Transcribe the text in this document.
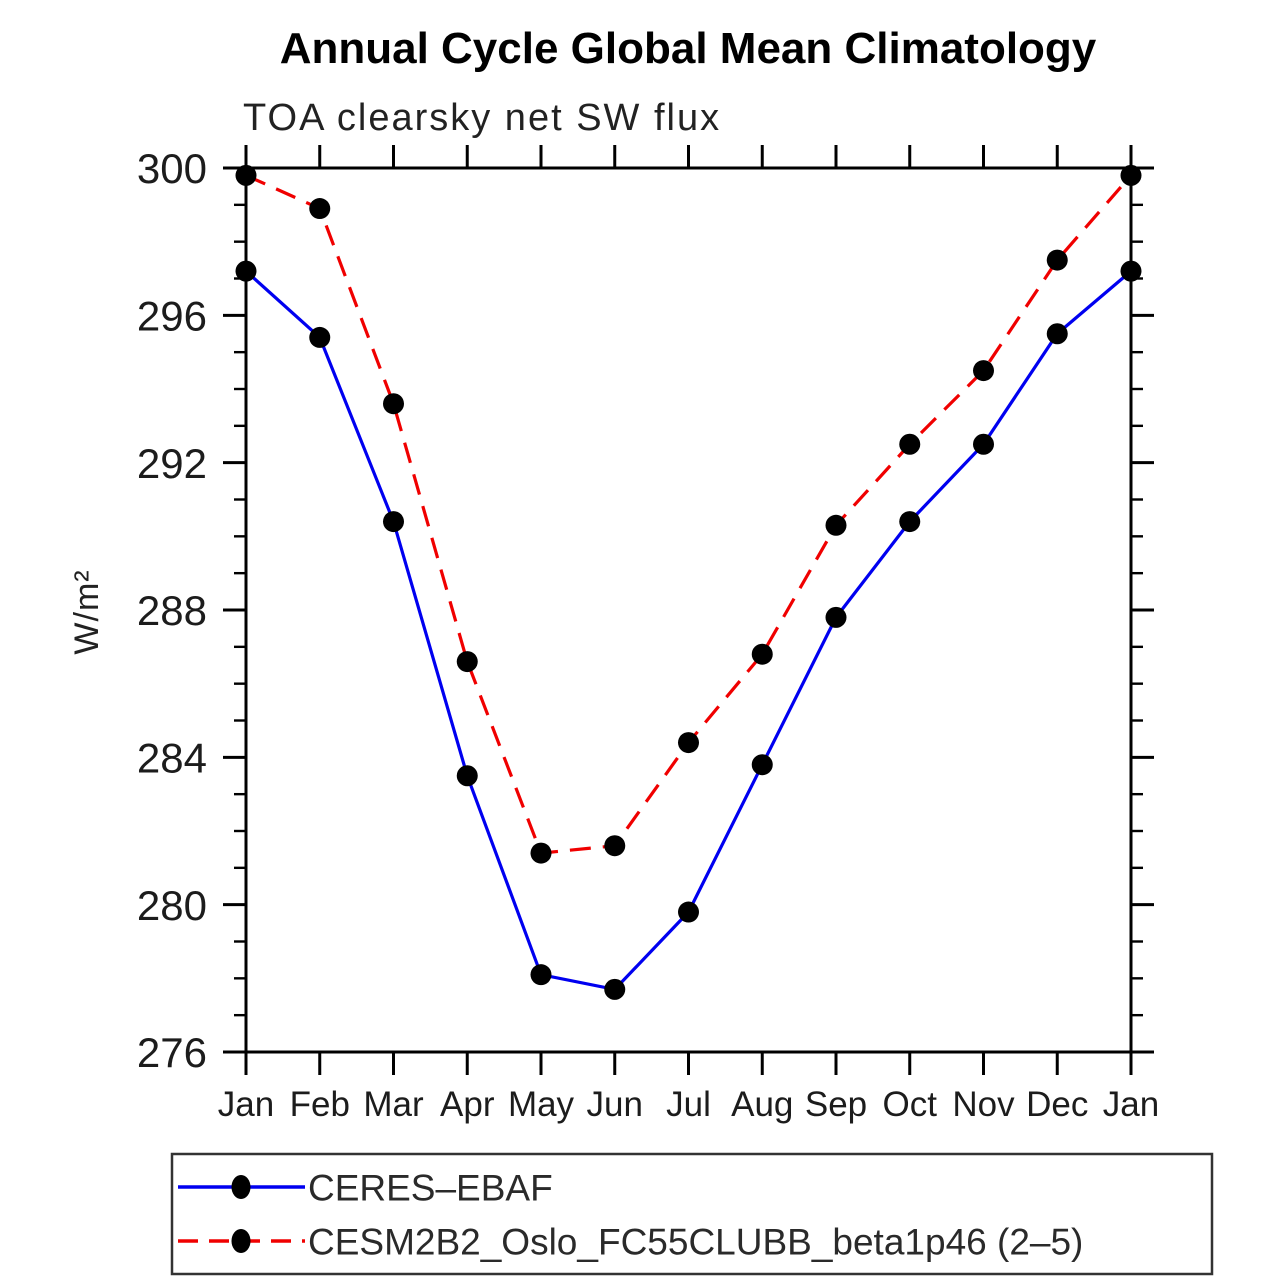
Annual Cycle Global Mean Climatology
TOA clearsky net SW flux
W/m²
Jan Feb Mar Apr May Jun Jul Aug Sep Oct Nov Dec Jan
276
280
284
288
292
296
300
CERES–EBAF
CESM2B2_Oslo_FC55CLUBB_beta1p46 (2–5)
